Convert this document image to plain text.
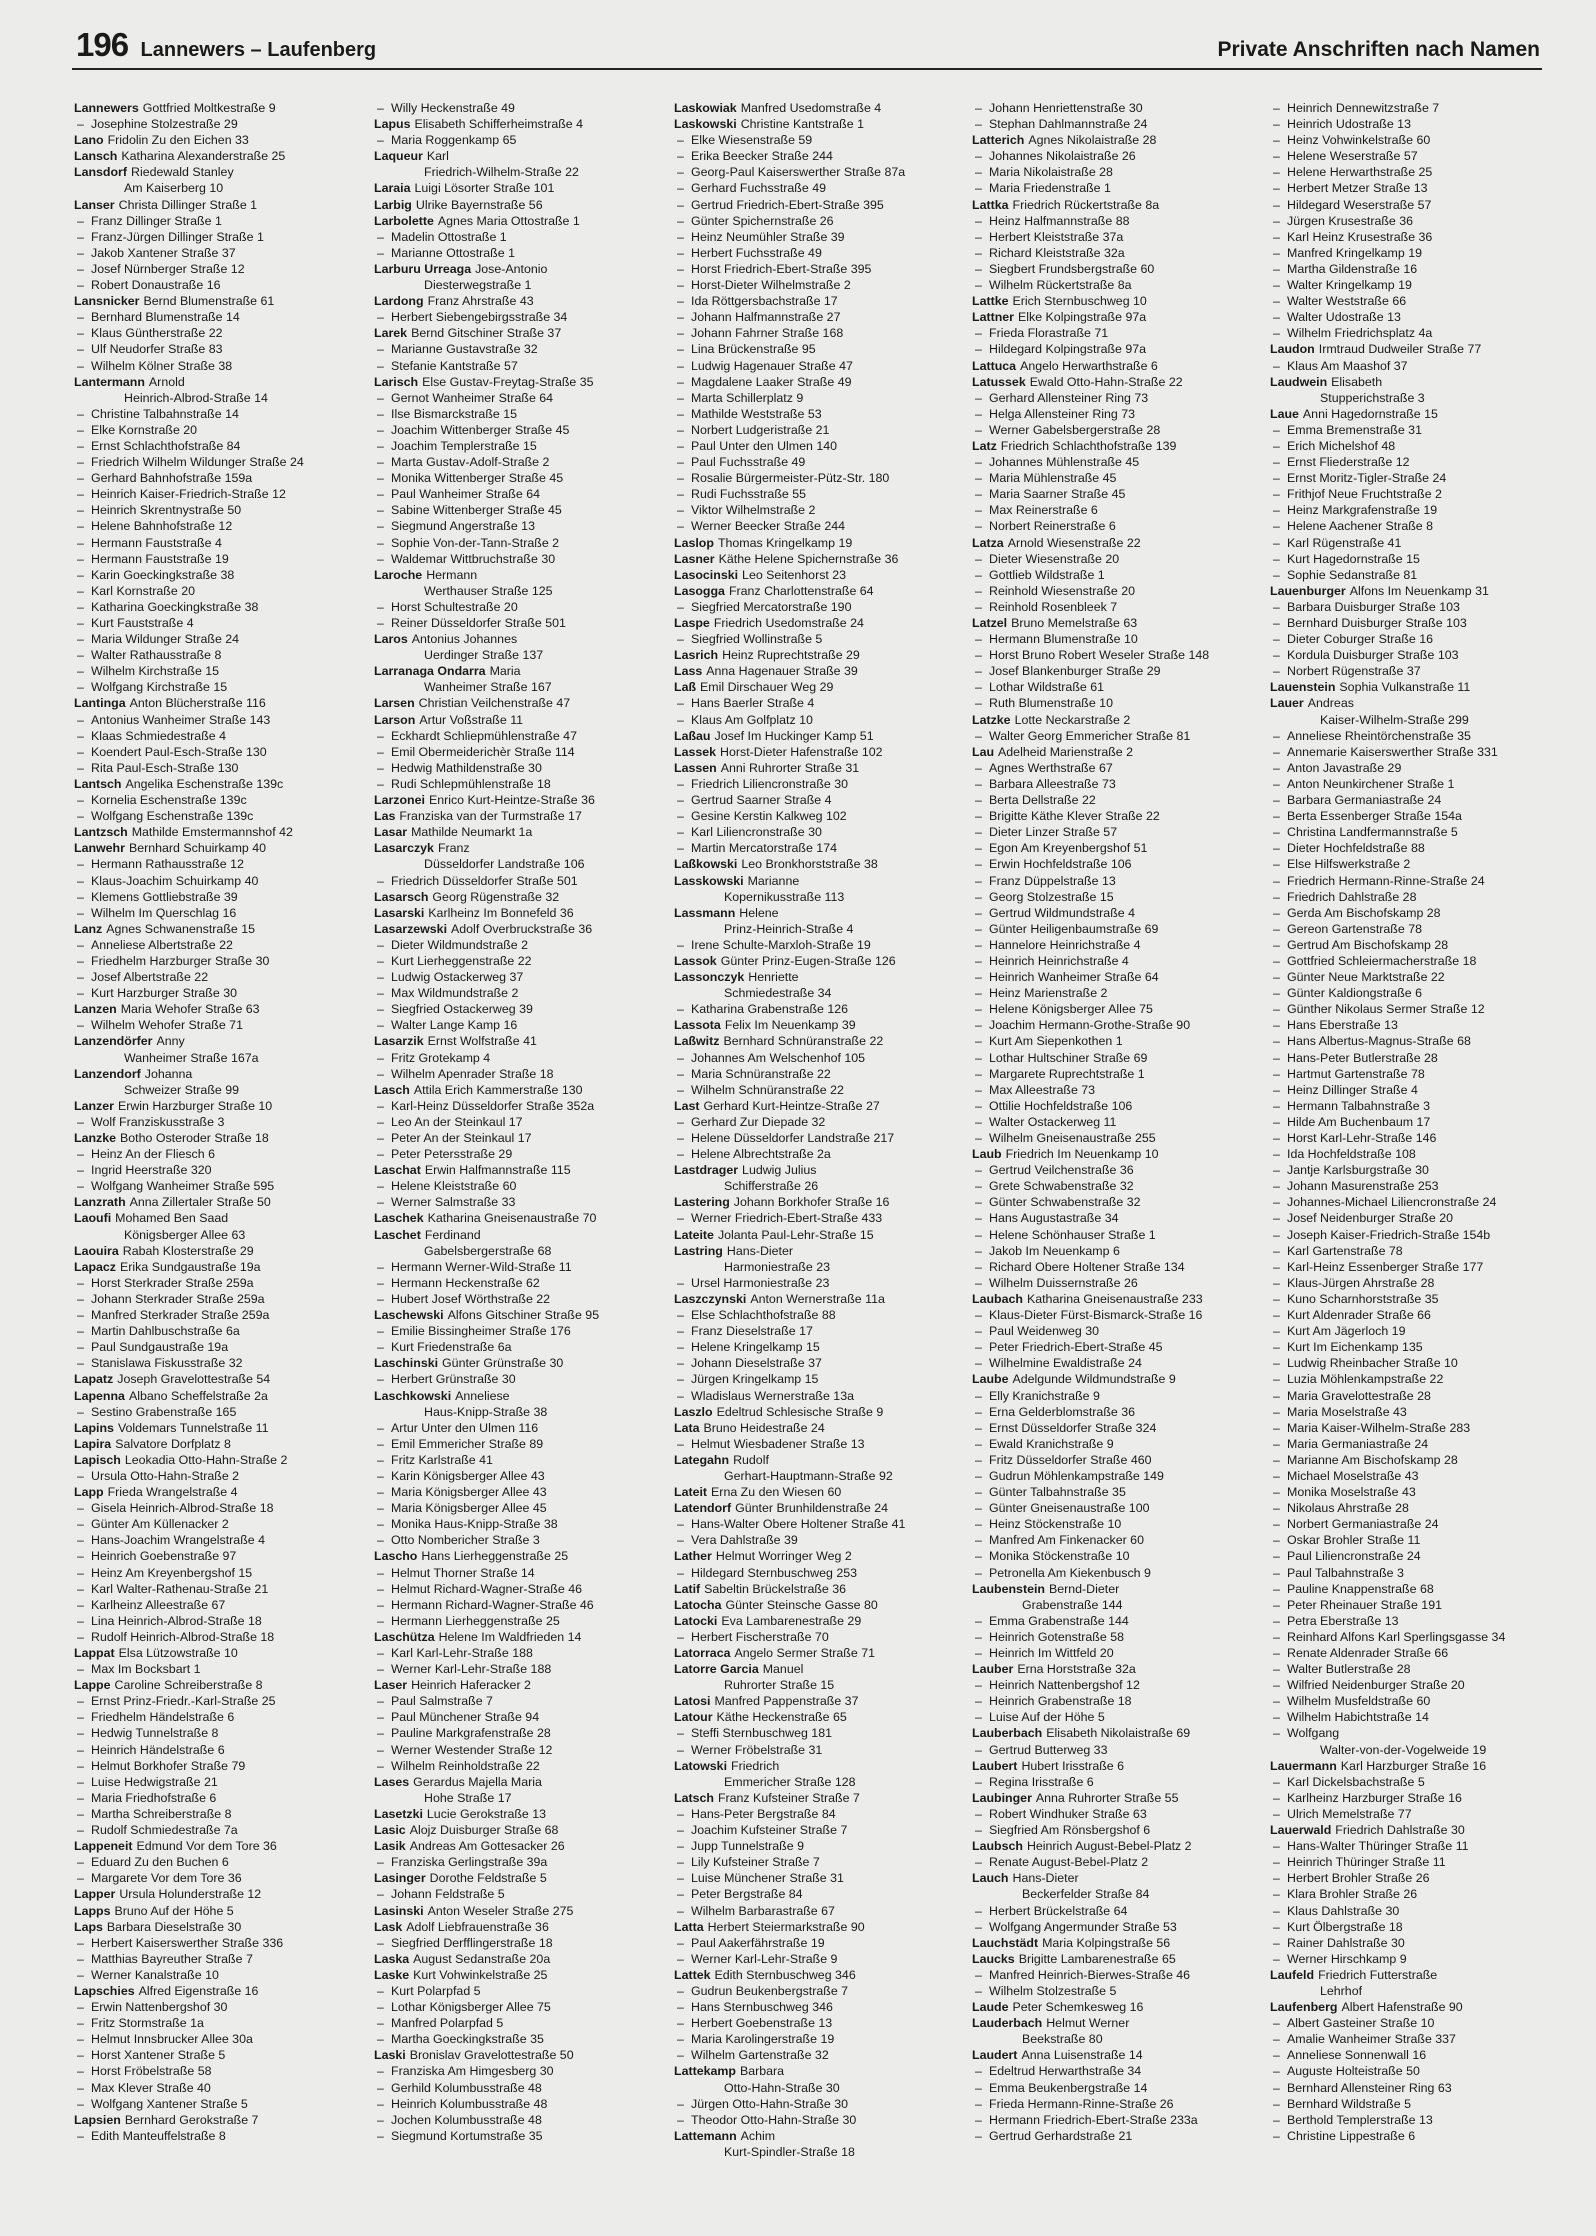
196 Lannewers – Laufenberg	Private Anschriften nach Namen
Lannewers Gottfried Moltkestraße 9
– Josephine Stolzestraße 29
Lano Fridolin Zu den Eichen 33
Lansch Katharina Alexanderstraße 25
Lansdorf Riedewald Stanley
Am Kaiserberg 10
Lanser Christa Dillinger Straße 1
– Franz Dillinger Straße 1
– Franz-Jürgen Dillinger Straße 1
– Jakob Xantener Straße 37
– Josef Nürnberger Straße 12
– Robert Donaustraße 16
Lansnicker Bernd Blumenstraße 61
– Bernhard Blumenstraße 14
– Klaus Güntherstraße 22
– Ulf Neudorfer Straße 83
– Wilhelm Kölner Straße 38
Lantermann Arnold
Heinrich-Albrod-Straße 14
– Christine Talbahnstraße 14
– Elke Kornstraße 20
– Ernst Schlachthofstraße 84
– Friedrich Wilhelm Wildunger Straße 24
– Gerhard Bahnhofstraße 159a
– Heinrich Kaiser-Friedrich-Straße 12
– Heinrich Skrentnystraße 50
– Helene Bahnhofstraße 12
– Hermann Fauststraße 4
– Hermann Fauststraße 19
– Karin Goeckingkstraße 38
– Karl Kornstraße 20
– Katharina Goeckingkstraße 38
– Kurt Fauststraße 4
– Maria Wildunger Straße 24
– Walter Rathausstraße 8
– Wilhelm Kirchstraße 15
– Wolfgang Kirchstraße 15
Lantinga Anton Blücherstraße 116
– Antonius Wanheimer Straße 143
– Klaas Schmiedestraße 4
– Koendert Paul-Esch-Straße 130
– Rita Paul-Esch-Straße 130
Lantsch Angelika Eschenstraße 139c
– Kornelia Eschenstraße 139c
– Wolfgang Eschenstraße 139c
Lantzsch Mathilde Emstermannshof 42
Lanwehr Bernhard Schuirkamp 40
– Hermann Rathausstraße 12
– Klaus-Joachim Schuirkamp 40
– Klemens Gottliebstraße 39
– Wilhelm Im Querschlag 16
Lanz Agnes Schwanenstraße 15
– Anneliese Albertstraße 22
– Friedhelm Harzburger Straße 30
– Josef Albertstraße 22
– Kurt Harzburger Straße 30
Lanzen Maria Wehofer Straße 63
– Wilhelm Wehofer Straße 71
Lanzendörfer Anny
Wanheimer Straße 167a
Lanzendorf Johanna
Schweizer Straße 99
Lanzer Erwin Harzburger Straße 10
– Wolf Franziskusstraße 3
Lanzke Botho Osteroder Straße 18
– Heinz An der Fliesch 6
– Ingrid Heerstraße 320
– Wolfgang Wanheimer Straße 595
Lanzrath Anna Zillertaler Straße 50
Laoufi Mohamed Ben Saad
Königsberger Allee 63
Laouira Rabah Klosterstraße 29
Lapacz Erika Sundgaustraße 19a
– Horst Sterkrader Straße 259a
– Johann Sterkrader Straße 259a
– Manfred Sterkrader Straße 259a
– Martin Dahlbuschstraße 6a
– Paul Sundgaustraße 19a
– Stanislawa Fiskusstraße 32
Lapatz Joseph Gravelottestraße 54
Lapenna Albano Scheffelstraße 2a
– Sestino Grabenstraße 165
Lapins Voldemars Tunnelstraße 11
Lapira Salvatore Dorfplatz 8
Lapisch Leokadia Otto-Hahn-Straße 2
– Ursula Otto-Hahn-Straße 2
Lapp Frieda Wrangelstraße 4
– Gisela Heinrich-Albrod-Straße 18
– Günter Am Küllenacker 2
– Hans-Joachim Wrangelstraße 4
– Heinrich Goebenstraße 97
– Heinz Am Kreyenbergshof 15
– Karl Walter-Rathenau-Straße 21
– Karlheinz Alleestraße 67
– Lina Heinrich-Albrod-Straße 18
– Rudolf Heinrich-Albrod-Straße 18
Lappat Elsa Lützowstraße 10
– Max Im Bocksbart 1
Lappe Caroline Schreiberstraße 8
– Ernst Prinz-Friedr.-Karl-Straße 25
– Friedhelm Händelstraße 6
– Hedwig Tunnelstraße 8
– Heinrich Händelstraße 6
– Helmut Borkhofer Straße 79
– Luise Hedwigstraße 21
– Maria Friedhofstraße 6
– Martha Schreiberstraße 8
– Rudolf Schmiedestraße 7a
Lappeneit Edmund Vor dem Tore 36
– Eduard Zu den Buchen 6
– Margarete Vor dem Tore 36
Lapper Ursula Holunderstraße 12
Lapps Bruno Auf der Höhe 5
Laps Barbara Dieselstraße 30
– Herbert Kaiserswerther Straße 336
– Matthias Bayreuther Straße 7
– Werner Kanalstraße 10
Lapschies Alfred Eigenstraße 16
– Erwin Nattenbergshof 30
– Fritz Stormstraße 1a
– Helmut Innsbrucker Allee 30a
– Horst Xantener Straße 5
– Horst Fröbelstraße 58
– Max Klever Straße 40
– Wolfgang Xantener Straße 5
Lapsien Bernhard Gerokstraße 7
– Edith Manteuffelstraße 8
– Willy Heckenstraße 49
Lapus Elisabeth Schifferheimstraße 4
– Maria Roggenkamp 65
Laqueur Karl
Friedrich-Wilhelm-Straße 22
Laraia Luigi Lösorter Straße 101
Larbig Ulrike Bayernstraße 56
Larbolette Agnes Maria Ottostraße 1
– Madelin Ottostraße 1
– Marianne Ottostraße 1
Larburu Urreaga Jose-Antonio
Diesterwegstraße 1
Lardong Franz Ahrstraße 43
– Herbert Siebengebirgsstraße 34
Larek Bernd Gitschiner Straße 37
– Marianne Gustavstraße 32
– Stefanie Kantstraße 57
Larisch Else Gustav-Freytag-Straße 35
– Gernot Wanheimer Straße 64
– Ilse Bismarckstraße 15
– Joachim Wittenberger Straße 45
– Joachim Templerstraße 15
– Marta Gustav-Adolf-Straße 2
– Monika Wittenberger Straße 45
– Paul Wanheimer Straße 64
– Sabine Wittenberger Straße 45
– Siegmund Angerstraße 13
– Sophie Von-der-Tann-Straße 2
– Waldemar Wittbruchstraße 30
Laroche Hermann
Werthauser Straße 125
– Horst Schultestraße 20
– Reiner Düsseldorfer Straße 501
Laros Antonius Johannes
Uerdinger Straße 137
Larranaga Ondarra Maria
Wanheimer Straße 167
Larsen Christian Veilchenstraße 47
Larson Artur Voßstraße 11
– Eckhardt Schliepmühlenstraße 47
– Emil Obermeiderichèr Straße 114
– Hedwig Mathildenstraße 30
– Rudi Schlepmühlenstraße 18
Larzonei Enrico Kurt-Heintze-Straße 36
Las Franziska van der Turmstraße 17
Lasar Mathilde Neumarkt 1a
Lasarczyk Franz
Düsseldorfer Landstraße 106
– Friedrich Düsseldorfer Straße 501
Lasarsch Georg Rügenstraße 32
Lasarski Karlheinz Im Bonnefeld 36
Lasarzewski Adolf Overbruckstraße 36
– Dieter Wildmundstraße 2
– Kurt Lierheggenstraße 22
– Ludwig Ostackerweg 37
– Max Wildmundstraße 2
– Siegfried Ostackerweg 39
– Walter Lange Kamp 16
Lasarzik Ernst Wolfstraße 41
– Fritz Grotekamp 4
– Wilhelm Apenrader Straße 18
Lasch Attila Erich Kammerstraße 130
– Karl-Heinz Düsseldorfer Straße 352a
– Leo An der Steinkaul 17
– Peter An der Steinkaul 17
– Peter Petersstraße 29
Laschat Erwin Halfmannstraße 115
– Helene Kleiststraße 60
– Werner Salmstraße 33
Laschek Katharina Gneisenaustraße 70
Laschet Ferdinand
Gabelsbergerstraße 68
– Hermann Werner-Wild-Straße 11
– Hermann Heckenstraße 62
– Hubert Josef Wörthstraße 22
Laschewski Alfons Gitschiner Straße 95
– Emilie Bissingheimer Straße 176
– Kurt Friedenstraße 6a
Laschinski Günter Grünstraße 30
– Herbert Grünstraße 30
Laschkowski Anneliese
Haus-Knipp-Straße 38
– Artur Unter den Ulmen 116
– Emil Emmericher Straße 89
– Fritz Karlstraße 41
– Karin Königsberger Allee 43
– Maria Königsberger Allee 43
– Maria Königsberger Allee 45
– Monika Haus-Knipp-Straße 38
– Otto Nombericher Straße 3
Lascho Hans Lierheggenstraße 25
– Helmut Thorner Straße 14
– Helmut Richard-Wagner-Straße 46
– Hermann Richard-Wagner-Straße 46
– Hermann Lierheggenstraße 25
Laschütza Helene Im Waldfrieden 14
– Karl Karl-Lehr-Straße 188
– Werner Karl-Lehr-Straße 188
Laser Heinrich Haferacker 2
– Paul Salmstraße 7
– Paul Münchener Straße 94
– Pauline Markgrafenstraße 28
– Werner Westender Straße 12
– Wilhelm Reinholdstraße 22
Lases Gerardus Majella Maria
Hohe Straße 17
Lasetzki Lucie Gerokstraße 13
Lasic Alojz Duisburger Straße 68
Lasik Andreas Am Gottesacker 26
– Franziska Gerlingstraße 39a
Lasinger Dorothe Feldstraße 5
– Johann Feldstraße 5
Lasinski Anton Weseler Straße 275
Lask Adolf Liebfrauenstraße 36
– Siegfried Derfflingerstraße 18
Laska August Sedanstraße 20a
Laske Kurt Vohwinkelstraße 25
– Kurt Polarpfad 5
– Lothar Königsberger Allee 75
– Manfred Polarpfad 5
– Martha Goeckingkstraße 35
Laski Bronislav Gravelottestraße 50
– Franziska Am Himgesberg 30
– Gerhild Kolumbusstraße 48
– Heinrich Kolumbusstraße 48
– Jochen Kolumbusstraße 48
– Siegmund Kortumstraße 35
Laskowiak Manfred Usedomstraße 4
Laskowski Christine Kantstraße 1
– Elke Wiesenstraße 59
– Erika Beecker Straße 244
– Georg-Paul Kaiserswerther Straße 87a
– Gerhard Fuchsstraße 49
– Gertrud Friedrich-Ebert-Straße 395
– Günter Spichernstraße 26
– Heinz Neumühler Straße 39
– Herbert Fuchsstraße 49
– Horst Friedrich-Ebert-Straße 395
– Horst-Dieter Wilhelmstraße 2
– Ida Röttgersbachstraße 17
– Johann Halfmannstraße 27
– Johann Fahrner Straße 168
– Lina Brückenstraße 95
– Ludwig Hagenauer Straße 47
– Magdalene Laaker Straße 49
– Marta Schillerplatz 9
– Mathilde Weststraße 53
– Norbert Ludgeristraße 21
– Paul Unter den Ulmen 140
– Paul Fuchsstraße 49
– Rosalie Bürgermeister-Pütz-Str. 180
– Rudi Fuchsstraße 55
– Viktor Wilhelmstraße 2
– Werner Beecker Straße 244
Laslop Thomas Kringelkamp 19
Lasner Käthe Helene Spichernstraße 36
Lasocinski Leo Seitenhorst 23
Lasogga Franz Charlottenstraße 64
– Siegfried Mercatorstraße 190
Laspe Friedrich Usedomstraße 24
– Siegfried Wollinstraße 5
Lasrich Heinz Ruprechtstraße 29
Lass Anna Hagenauer Straße 39
Laß Emil Dirschauer Weg 29
– Hans Baerler Straße 4
– Klaus Am Golfplatz 10
Laßau Josef Im Huckinger Kamp 51
Lassek Horst-Dieter Hafenstraße 102
Lassen Anni Ruhrorter Straße 31
– Friedrich Liliencronstraße 30
– Gertrud Saarner Straße 4
– Gesine Kerstin Kalkweg 102
– Karl Liliencronstraße 30
– Martin Mercatorstraße 174
Laßkowski Leo Bronkhorststraße 38
Lasskowski Marianne
Kopernikusstraße 113
Lassmann Helene
Prinz-Heinrich-Straße 4
– Irene Schulte-Marxloh-Straße 19
Lassok Günter Prinz-Eugen-Straße 126
Lassonczyk Henriette
Schmiedestraße 34
– Katharina Grabenstraße 126
Lassota Felix Im Neuenkamp 39
Laßwitz Bernhard Schnüranstraße 22
– Johannes Am Welschenhof 105
– Maria Schnüranstraße 22
– Wilhelm Schnüranstraße 22
Last Gerhard Kurt-Heintze-Straße 27
– Gerhard Zur Diepade 32
– Helene Düsseldorfer Landstraße 217
– Helene Albrechtstraße 2a
Lastdrager Ludwig Julius
Schifferstraße 26
Lastering Johann Borkhofer Straße 16
– Werner Friedrich-Ebert-Straße 433
Lateite Jolanta Paul-Lehr-Straße 15
Lastring Hans-Dieter
Harmoniestraße 23
– Ursel Harmoniestraße 23
Laszczynski Anton Wernerstraße 11a
– Else Schlachthofstraße 88
– Franz Dieselstraße 17
– Helene Kringelkamp 15
– Johann Dieselstraße 37
– Jürgen Kringelkamp 15
– Wladislaus Wernerstraße 13a
Laszlo Edeltrud Schlesische Straße 9
Lata Bruno Heidestraße 24
– Helmut Wiesbadener Straße 13
Lategahn Rudolf
Gerhart-Hauptmann-Straße 92
Lateit Erna Zu den Wiesen 60
Latendorf Günter Brunhildenstraße 24
– Hans-Walter Obere Holtener Straße 41
– Vera Dahlstraße 39
Lather Helmut Worringer Weg 2
– Hildegard Sternbuschweg 253
Latif Sabeltin Brückelstraße 36
Latocha Günter Steinsche Gasse 80
Latocki Eva Lambarenestraße 29
– Herbert Fischerstraße 70
Latorraca Angelo Sermer Straße 71
Latorre Garcia Manuel
Ruhrorter Straße 15
Latosi Manfred Pappenstraße 37
Latour Käthe Heckenstraße 65
– Steffi Sternbuschweg 181
– Werner Fröbelstraße 31
Latowski Friedrich
Emmericher Straße 128
Latsch Franz Kufsteiner Straße 7
– Hans-Peter Bergstraße 84
– Joachim Kufsteiner Straße 7
– Jupp Tunnelstraße 9
– Lily Kufsteiner Straße 7
– Luise Münchener Straße 31
– Peter Bergstraße 84
– Wilhelm Barbarastraße 67
Latta Herbert Steiermarkstraße 90
– Paul Aakerfährstraße 19
– Werner Karl-Lehr-Straße 9
Lattek Edith Sternbuschweg 346
– Gudrun Beukenbergstraße 7
– Hans Sternbuschweg 346
– Herbert Goebenstraße 13
– Maria Karolingerstraße 19
– Wilhelm Gartenstraße 32
Lattekamp Barbara
Otto-Hahn-Straße 30
– Jürgen Otto-Hahn-Straße 30
– Theodor Otto-Hahn-Straße 30
Lattemann Achim
Kurt-Spindler-Straße 18
– Johann Henriettenstraße 30
– Stephan Dahlmannstraße 24
Latterich Agnes Nikolaistraße 28
– Johannes Nikolaistraße 26
– Maria Nikolaistraße 28
– Maria Friedenstraße 1
Lattka Friedrich Rückertstraße 8a
– Heinz Halfmannstraße 88
– Herbert Kleiststraße 37a
– Richard Kleiststraße 32a
– Siegbert Frundsbergstraße 60
– Wilhelm Rückertstraße 8a
Lattke Erich Sternbuschweg 10
Lattner Elke Kolpingstraße 97a
– Frieda Florastraße 71
– Hildegard Kolpingstraße 97a
Lattuca Angelo Herwarthstraße 6
Latussek Ewald Otto-Hahn-Straße 22
– Gerhard Allensteiner Ring 73
– Helga Allensteiner Ring 73
– Werner Gabelsbergerstraße 28
Latz Friedrich Schlachthofstraße 139
– Johannes Mühlenstraße 45
– Maria Mühlenstraße 45
– Maria Saarner Straße 45
– Max Reinerstraße 6
– Norbert Reinerstraße 6
Latza Arnold Wiesenstraße 22
– Dieter Wiesenstraße 20
– Gottlieb Wildstraße 1
– Reinhold Wiesenstraße 20
– Reinhold Rosenbleek 7
Latzel Bruno Memelstraße 63
– Hermann Blumenstraße 10
– Horst Bruno Robert Weseler Straße 148
– Josef Blankenburger Straße 29
– Lothar Wildstraße 61
– Ruth Blumenstraße 10
Latzke Lotte Neckarstraße 2
– Walter Georg Emmericher Straße 81
Lau Adelheid Marienstraße 2
– Agnes Werthstraße 67
– Barbara Alleestraße 73
– Berta Dellstraße 22
– Brigitte Käthe Klever Straße 22
– Dieter Linzer Straße 57
– Egon Am Kreyenbergshof 51
– Erwin Hochfeldstraße 106
– Franz Düppelstraße 13
– Georg Stolzestraße 15
– Gertrud Wildmundstraße 4
– Günter Heiligenbaumstraße 69
– Hannelore Heinrichstraße 4
– Heinrich Heinrichstraße 4
– Heinrich Wanheimer Straße 64
– Heinz Marienstraße 2
– Helene Königsberger Allee 75
– Joachim Hermann-Grothe-Straße 90
– Kurt Am Siepenkothen 1
– Lothar Hultschiner Straße 69
– Margarete Ruprechtstraße 1
– Max Alleestraße 73
– Ottilie Hochfeldstraße 106
– Walter Ostackerweg 11
– Wilhelm Gneisenaustraße 255
Laub Friedrich Im Neuenkamp 10
– Gertrud Veilchenstraße 36
– Grete Schwabenstraße 32
– Günter Schwabenstraße 32
– Hans Augustastraße 34
– Helene Schönhauser Straße 1
– Jakob Im Neuenkamp 6
– Richard Obere Holtener Straße 134
– Wilhelm Duissernstraße 26
Laubach Katharina Gneisenaustraße 233
– Klaus-Dieter Fürst-Bismarck-Straße 16
– Paul Weidenweg 30
– Peter Friedrich-Ebert-Straße 45
– Wilhelmine Ewaldistraße 24
Laube Adelgunde Wildmundstraße 9
– Elly Kranichstraße 9
– Erna Gelderblomstraße 36
– Ernst Düsseldorfer Straße 324
– Ewald Kranichstraße 9
– Fritz Düsseldorfer Straße 460
– Gudrun Möhlenkampstraße 149
– Günter Talbahnstraße 35
– Günter Gneisenaustraße 100
– Heinz Stöckenstraße 10
– Manfred Am Finkenacker 60
– Monika Stöckenstraße 10
– Petronella Am Kiekenbusch 9
Laubenstein Bernd-Dieter
Grabenstraße 144
– Emma Grabenstraße 144
– Heinrich Gotenstraße 58
– Heinrich Im Wittfeld 20
Lauber Erna Horststraße 32a
– Heinrich Nattenbergshof 12
– Heinrich Grabenstraße 18
– Luise Auf der Höhe 5
Lauberbach Elisabeth Nikolaistraße 69
– Gertrud Butterweg 33
Laubert Hubert Irisstraße 6
– Regina Irisstraße 6
Laubinger Anna Ruhrorter Straße 55
– Robert Windhuker Straße 63
– Siegfried Am Rönsbergshof 6
Laubsch Heinrich August-Bebel-Platz 2
– Renate August-Bebel-Platz 2
Lauch Hans-Dieter
Beckerfelder Straße 84
– Herbert Brückelstraße 64
– Wolfgang Angermunder Straße 53
Lauchstädt Maria Kolpingstraße 56
Laucks Brigitte Lambarenestraße 65
– Manfred Heinrich-Bierwes-Straße 46
– Wilhelm Stolzestraße 5
Laude Peter Schemkesweg 16
Lauderbach Helmut Werner
Beekstraße 80
Laudert Anna Luisenstraße 14
– Edeltrud Herwarthstraße 34
– Emma Beukenbergstraße 14
– Frieda Hermann-Rinne-Straße 26
– Hermann Friedrich-Ebert-Straße 233a
– Gertrud Gerhardstraße 21
– Heinrich Dennewitzstraße 7
– Heinrich Udostraße 13
– Heinz Vohwinkelstraße 60
– Helene Weserstraße 57
– Helene Herwarthstraße 25
– Herbert Metzer Straße 13
– Hildegard Weserstraße 57
– Jürgen Krusestraße 36
– Karl Heinz Krusestraße 36
– Manfred Kringelkamp 19
– Martha Gildenstraße 16
– Walter Kringelkamp 19
– Walter Weststraße 66
– Walter Udostraße 13
– Wilhelm Friedrichsplatz 4a
Laudon Irmtraud Dudweiler Straße 77
– Klaus Am Maashof 37
Laudwein Elisabeth
Stupperichstraße 3
Laue Anni Hagedornstraße 15
– Emma Bremenstraße 31
– Erich Michelshof 48
– Ernst Fliederstraße 12
– Ernst Moritz-Tigler-Straße 24
– Frithjof Neue Fruchtstraße 2
– Heinz Markgrafenstraße 19
– Helene Aachener Straße 8
– Karl Rügenstraße 41
– Kurt Hagedornstraße 15
– Sophie Sedanstraße 81
Lauenburger Alfons Im Neuenkamp 31
– Barbara Duisburger Straße 103
– Bernhard Duisburger Straße 103
– Dieter Coburger Straße 16
– Kordula Duisburger Straße 103
– Norbert Rügenstraße 37
Lauenstein Sophia Vulkanstraße 11
Lauer Andreas
Kaiser-Wilhelm-Straße 299
– Anneliese Rheintörchenstraße 35
– Annemarie Kaiserswerther Straße 331
– Anton Javastraße 29
– Anton Neunkirchener Straße 1
– Barbara Germaniastraße 24
– Berta Essenberger Straße 154a
– Christina Landfermannstraße 5
– Dieter Hochfeldstraße 88
– Else Hilfswerkstraße 2
– Friedrich Hermann-Rinne-Straße 24
– Friedrich Dahlstraße 28
– Gerda Am Bischofskamp 28
– Gereon Gartenstraße 78
– Gertrud Am Bischofskamp 28
– Gottfried Schleiermacherstraße 18
– Günter Neue Marktstraße 22
– Günter Kaldiongstraße 6
– Günther Nikolaus Sermer Straße 12
– Hans Eberstraße 13
– Hans Albertus-Magnus-Straße 68
– Hans-Peter Butlerstraße 28
– Hartmut Gartenstraße 78
– Heinz Dillinger Straße 4
– Hermann Talbahnstraße 3
– Hilde Am Buchenbaum 17
– Horst Karl-Lehr-Straße 146
– Ida Hochfeldstraße 108
– Jantje Karlsburgstraße 30
– Johann Masurenstraße 253
– Johannes-Michael Liliencronstraße 24
– Josef Neidenburger Straße 20
– Joseph Kaiser-Friedrich-Straße 154b
– Karl Gartenstraße 78
– Karl-Heinz Essenberger Straße 177
– Klaus-Jürgen Ahrstraße 28
– Kuno Scharnhorststraße 35
– Kurt Aldenrader Straße 66
– Kurt Am Jägerloch 19
– Kurt Im Eichenkamp 135
– Ludwig Rheinbacher Straße 10
– Luzia Möhlenkampstraße 22
– Maria Gravelottestraße 28
– Maria Moselstraße 43
– Maria Kaiser-Wilhelm-Straße 283
– Maria Germaniastraße 24
– Marianne Am Bischofskamp 28
– Michael Moselstraße 43
– Monika Moselstraße 43
– Nikolaus Ahrstraße 28
– Norbert Germaniastraße 24
– Oskar Brohler Straße 11
– Paul Liliencronstraße 24
– Paul Talbahnstraße 3
– Pauline Knappenstraße 68
– Peter Rheinauer Straße 191
– Petra Eberstraße 13
– Reinhard Alfons Karl Sperlingsgasse 34
– Renate Aldenrader Straße 66
– Walter Butlerstraße 28
– Wilfried Neidenburger Straße 20
– Wilhelm Musfeldstraße 60
– Wilhelm Habichtstraße 14
– Wolfgang
Walter-von-der-Vogelweide 19
Lauermann Karl Harzburger Straße 16
– Karl Dickelsbachstraße 5
– Karlheinz Harzburger Straße 16
– Ulrich Memelstraße 77
Lauerwald Friedrich Dahlstraße 30
– Hans-Walter Thüringer Straße 11
– Heinrich Thüringer Straße 11
– Herbert Brohler Straße 26
– Klara Brohler Straße 26
– Klaus Dahlstraße 30
– Kurt Ölbergstraße 18
– Rainer Dahlstraße 30
– Werner Hirschkamp 9
Laufeld Friedrich Futterstraße
Lehrhof
Laufenberg Albert Hafenstraße 90
– Albert Gasteiner Straße 10
– Amalie Wanheimer Straße 337
– Anneliese Sonnenwall 16
– Auguste Holteistraße 50
– Bernhard Allensteiner Ring 63
– Bernhard Wildstraße 5
– Berthold Templerstraße 13
– Christine Lippestraße 6
